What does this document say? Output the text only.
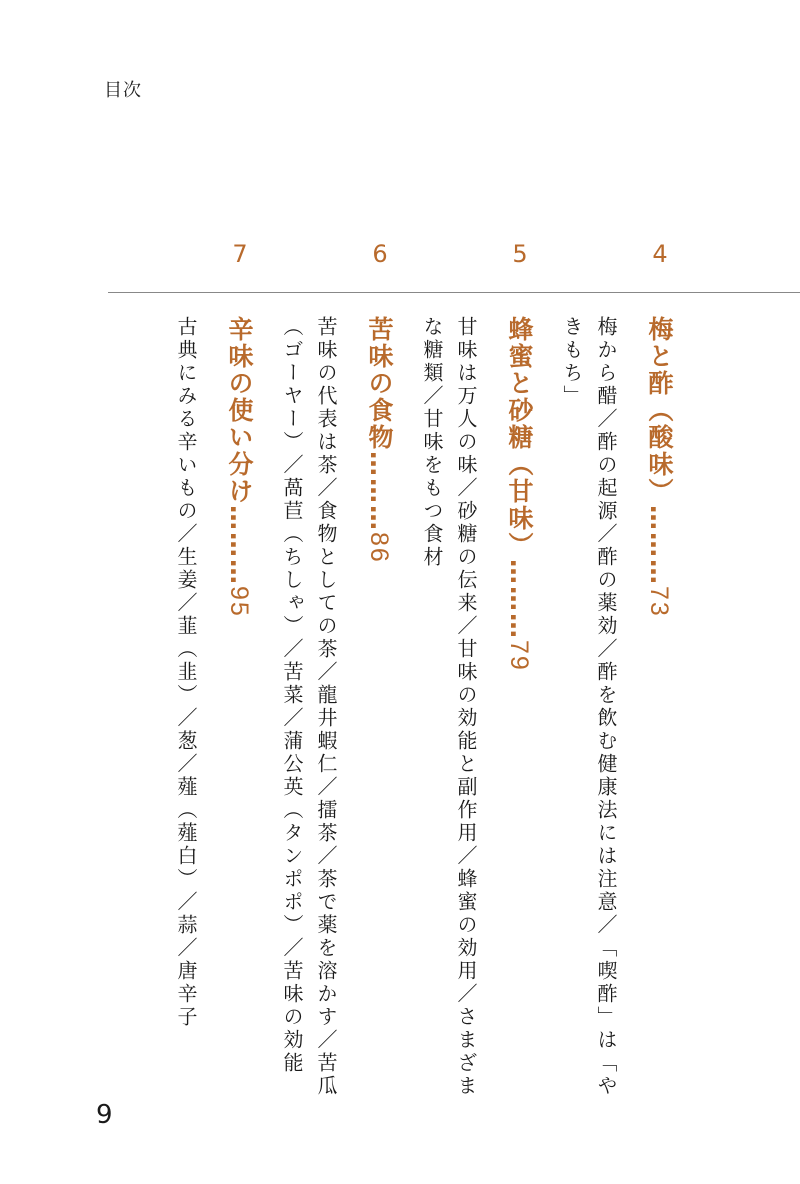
目次
4
5
6
7
梅と酢（酸味）………73
梅から醋／酢の起源／酢の薬効／酢を飲む健康法には注意／「喫酢」は「や
きもち」
蜂蜜と砂糖（甘味）………79
甘味は万人の味／砂糖の伝来／甘味の効能と副作用／蜂蜜の効用／さまざま
な糖類／甘味をもつ食材
苦味の食物………86
苦味の代表は茶／食物としての茶／龍井蝦仁／擂茶／茶で薬を溶かす／苦瓜
（ゴーヤー）／萵苣（ちしゃ）／苦菜／蒲公英（タンポポ）／苦味の効能
辛味の使い分け………95
古典にみる辛いもの／生姜／韮（韭）／葱／薤（薤白）／蒜／唐辛子
9
